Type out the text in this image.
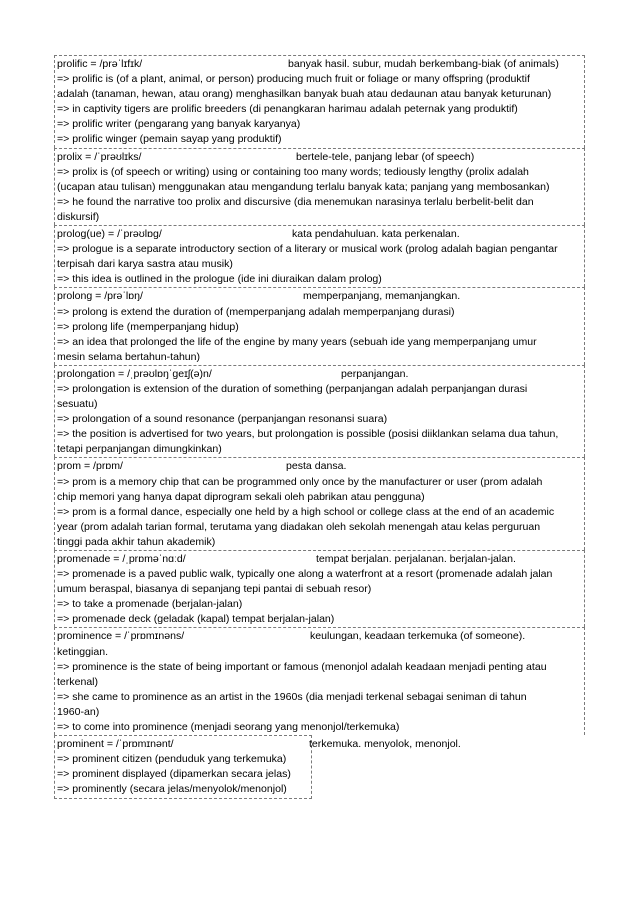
prolific = /prəˈlɪfɪk/	banyak hasil. subur, mudah berkembang-biak (of animals)
=> prolific is (of a plant, animal, or person) producing much fruit or foliage or many offspring (produktif
adalah (tanaman, hewan, atau orang) menghasilkan banyak buah atau dedaunan atau banyak keturunan)
=> in captivity tigers are prolific breeders (di penangkaran harimau adalah peternak yang produktif)
=> prolific writer (pengarang yang banyak karyanya)
=> prolific winger (pemain sayap yang produktif)
prolix = /ˈprəʊlɪks/	bertele-tele, panjang lebar (of speech)
=> prolix is (of speech or writing) using or containing too many words; tediously lengthy (prolix adalah
(ucapan atau tulisan) menggunakan atau mengandung terlalu banyak kata; panjang yang membosankan)
=> he found the narrative too prolix and discursive (dia menemukan narasinya terlalu berbelit-belit dan
diskursif)
prolog(ue) = /ˈprəʊlɒɡ/	kata pendahuluan. kata perkenalan.
=> prologue is a separate introductory section of a literary or musical work (prolog adalah bagian pengantar
terpisah dari karya sastra atau musik)
=> this idea is outlined in the prologue (ide ini diuraikan dalam prolog)
prolong = /prəˈlɒŋ/	memperpanjang, memanjangkan.
=> prolong is extend the duration of (memperpanjang adalah memperpanjang durasi)
=> prolong life (memperpanjang hidup)
=> an idea that prolonged the life of the engine by many years (sebuah ide yang memperpanjang umur
mesin selama bertahun-tahun)
prolongation = /ˌprəʊlɒŋˈɡeɪʃ(ə)n/	perpanjangan.
=> prolongation is extension of the duration of something (perpanjangan adalah perpanjangan durasi
sesuatu)
=> prolongation of a sound resonance (perpanjangan resonansi suara)
=> the position is advertised for two years, but prolongation is possible (posisi diiklankan selama dua tahun,
tetapi perpanjangan dimungkinkan)
prom = /prɒm/	pesta dansa.
=> prom is a memory chip that can be programmed only once by the manufacturer or user (prom adalah
chip memori yang hanya dapat diprogram sekali oleh pabrikan atau pengguna)
=> prom is a formal dance, especially one held by a high school or college class at the end of an academic
year (prom adalah tarian formal, terutama yang diadakan oleh sekolah menengah atau kelas perguruan
tinggi pada akhir tahun akademik)
promenade = /ˌprɒməˈnɑːd/	tempat berjalan. perjalanan. berjalan-jalan.
=> promenade is a paved public walk, typically one along a waterfront at a resort (promenade adalah jalan
umum beraspal, biasanya di sepanjang tepi pantai di sebuah resor)
=> to take a promenade (berjalan-jalan)
=> promenade deck (geladak (kapal) tempat berjalan-jalan)
prominence = /ˈprɒmɪnəns/	keulungan, keadaan terkemuka (of someone).
ketinggian.
=> prominence is the state of being important or famous (menonjol adalah keadaan menjadi penting atau
terkenal)
=> she came to prominence as an artist in the 1960s (dia menjadi terkenal sebagai seniman di tahun
1960-an)
=> to come into prominence (menjadi seorang yang menonjol/terkemuka)
prominent = /ˈprɒmɪnənt/	terkemuka. menyolok, menonjol.
=> prominent citizen (penduduk yang terkemuka)
=> prominent displayed (dipamerkan secara jelas)
=> prominently (secara jelas/menyolok/menonjol)
